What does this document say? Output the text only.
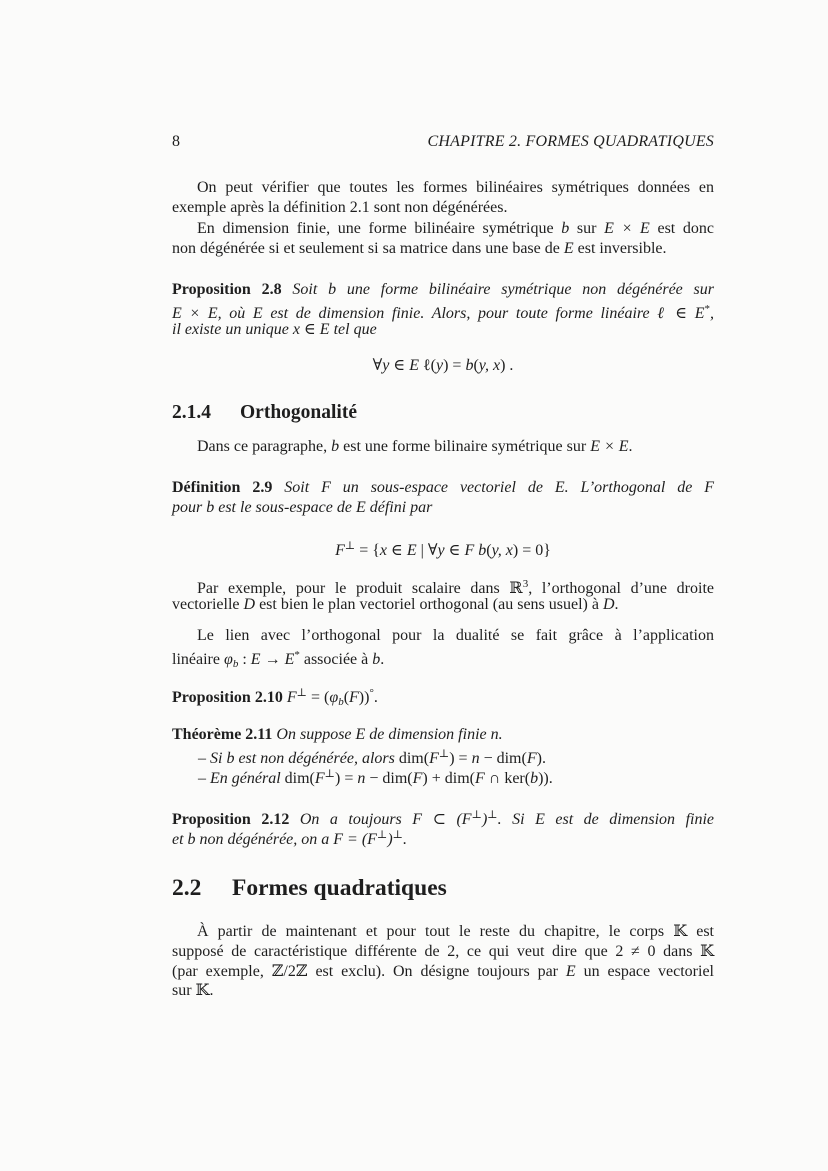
8	CHAPITRE 2. FORMES QUADRATIQUES
On peut vérifier que toutes les formes bilinéaires symétriques données en
exemple après la définition 2.1 sont non dégénérées.
En dimension finie, une forme bilinéaire symétrique b sur E × E est donc
non dégénérée si et seulement si sa matrice dans une base de E est inversible.
Proposition 2.8 Soit b une forme bilinéaire symétrique non dégénérée sur
E × E, où E est de dimension finie. Alors, pour toute forme linéaire ℓ ∈ E*,
il existe un unique x ∈ E tel que
∀y ∈ E ℓ(y) = b(y, x) .
2.1.4 Orthogonalité
Dans ce paragraphe, b est une forme bilinaire symétrique sur E × E.
Définition 2.9 Soit F un sous-espace vectoriel de E. L’orthogonal de F
pour b est le sous-espace de E défini par
F⊥ = {x ∈ E | ∀y ∈ F b(y, x) = 0}
Par exemple, pour le produit scalaire dans ℝ$^3$, l’orthogonal d’une droite
vectorielle D est bien le plan vectoriel orthogonal (au sens usuel) à D.
Le lien avec l’orthogonal pour la dualité se fait grâce à l’application
linéaire φb : E → E* associée à b.
Proposition 2.10 F⊥ = (φb(F))°.
Théorème 2.11 On suppose E de dimension finie n.
– Si b est non dégénérée, alors dim(F⊥) = n − dim(F).
– En général dim(F⊥) = n − dim(F) + dim(F ∩ ker(b)).
Proposition 2.12 On a toujours F ⊂ (F⊥)⊥. Si E est de dimension finie
et b non dégénérée, on a F = (F⊥)⊥.
2.2 Formes quadratiques
À partir de maintenant et pour tout le reste du chapitre, le corps 𝕂 est
supposé de caractéristique différente de 2, ce qui veut dire que 2 ≠ 0 dans 𝕂
(par exemple, ℤ/2ℤ est exclu). On désigne toujours par E un espace vectoriel
sur 𝕂.
